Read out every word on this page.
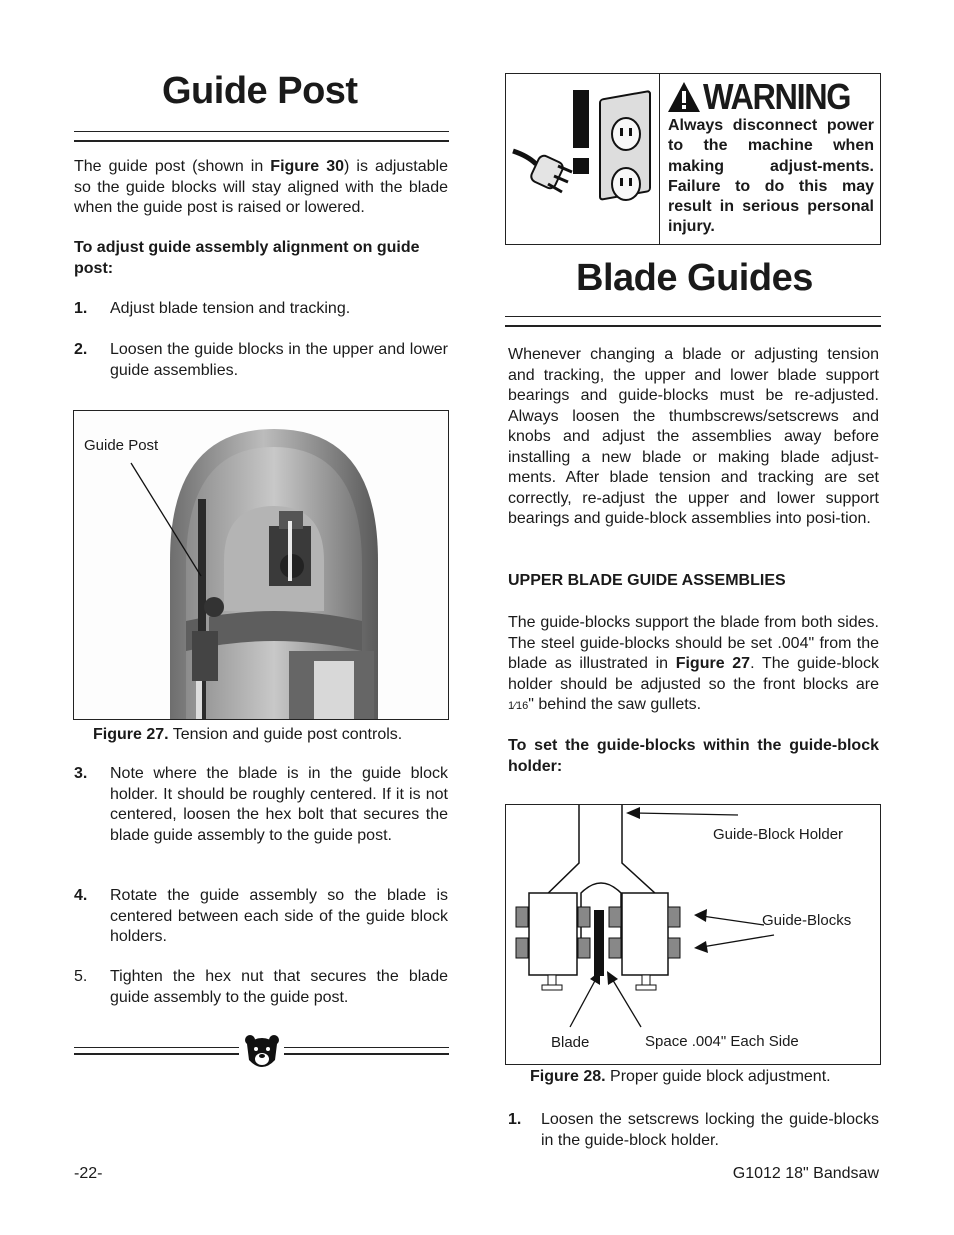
Guide Post
The guide post (shown in Figure 30) is adjustable so the guide blocks will stay aligned with the blade when the guide post is raised or lowered.
To adjust guide assembly alignment on guide post:
1. Adjust blade tension and tracking.
2. Loosen the guide blocks in the upper and lower guide assemblies.
Guide Post
Figure 27. Tension and guide post controls.
3. Note where the blade is in the guide block holder. It should be roughly centered. If it is not centered, loosen the hex bolt that secures the blade guide assembly to the guide post.
4. Rotate the guide assembly so the blade is centered between each side of the guide block holders.
5. Tighten the hex nut that secures the blade guide assembly to the guide post.
-22-
WARNING
Always disconnect power to the machine when making adjust-ments. Failure to do this may result in serious personal injury.
Blade Guides
Whenever changing a blade or adjusting tension and tracking, the upper and lower blade support bearings and guide-blocks must be re-adjusted. Always loosen the thumbscrews/setscrews and knobs and adjust the assemblies away before installing a new blade or making blade adjust-ments. After blade tension and tracking are set correctly, re-adjust the upper and lower support bearings and guide-block assemblies into posi-tion.
UPPER BLADE GUIDE ASSEMBLIES
The guide-blocks support the blade from both sides. The steel guide-blocks should be set .004" from the blade as illustrated in Figure 27. The guide-block holder should be adjusted so the front blocks are 1⁄16" behind the saw gullets.
To set the guide-blocks within the guide-block holder:
Guide-Block Holder
Guide-Blocks
Blade	Space .004" Each Side
Figure 28. Proper guide block adjustment.
1. Loosen the setscrews locking the guide-blocks in the guide-block holder.
G1012 18" Bandsaw
